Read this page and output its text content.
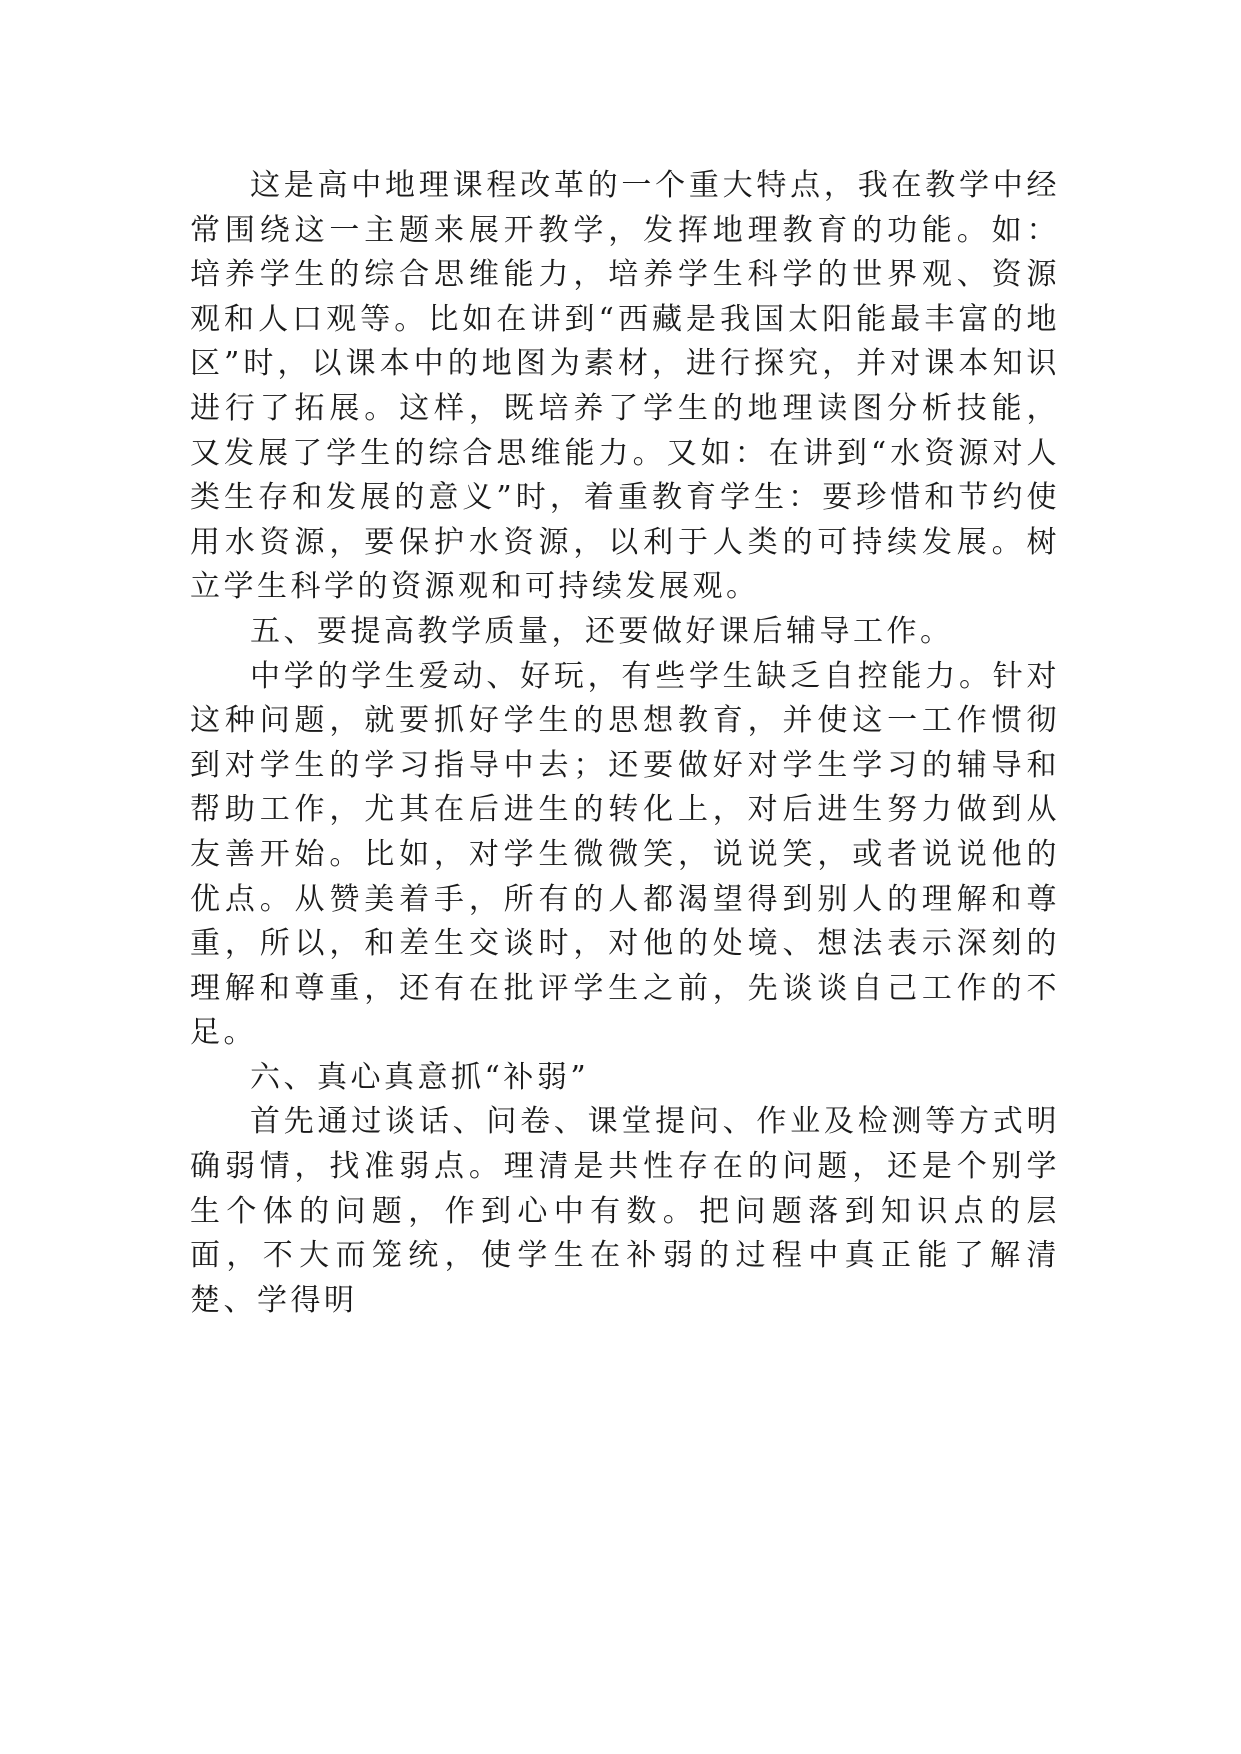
这是高中地理课程改革的一个重大特点，我在教学中经常围绕这一主题来展开教学，发挥地理教育的功能。如：培养学生的综合思维能力，培养学生科学的世界观、资源观和人口观等。比如在讲到“西藏是我国太阳能最丰富的地区”时，以课本中的地图为素材，进行探究，并对课本知识进行了拓展。这样，既培养了学生的地理读图分析技能，又发展了学生的综合思维能力。又如：在讲到“水资源对人类生存和发展的意义”时，着重教育学生：要珍惜和节约使用水资源，要保护水资源，以利于人类的可持续发展。树立学生科学的资源观和可持续发展观。

五、要提高教学质量，还要做好课后辅导工作。

中学的学生爱动、好玩，有些学生缺乏自控能力。针对这种问题，就要抓好学生的思想教育，并使这一工作惯彻到对学生的学习指导中去；还要做好对学生学习的辅导和帮助工作，尤其在后进生的转化上，对后进生努力做到从友善开始。比如，对学生微微笑，说说笑，或者说说他的优点。从赞美着手，所有的人都渴望得到别人的理解和尊重，所以，和差生交谈时，对他的处境、想法表示深刻的理解和尊重，还有在批评学生之前，先谈谈自己工作的不足。

六、真心真意抓“补弱”

首先通过谈话、问卷、课堂提问、作业及检测等方式明确弱情，找准弱点。理清是共性存在的问题，还是个别学生个体的问题，作到心中有数。把问题落到知识点的层面，不大而笼统，使学生在补弱的过程中真正能了解清楚、学得明
